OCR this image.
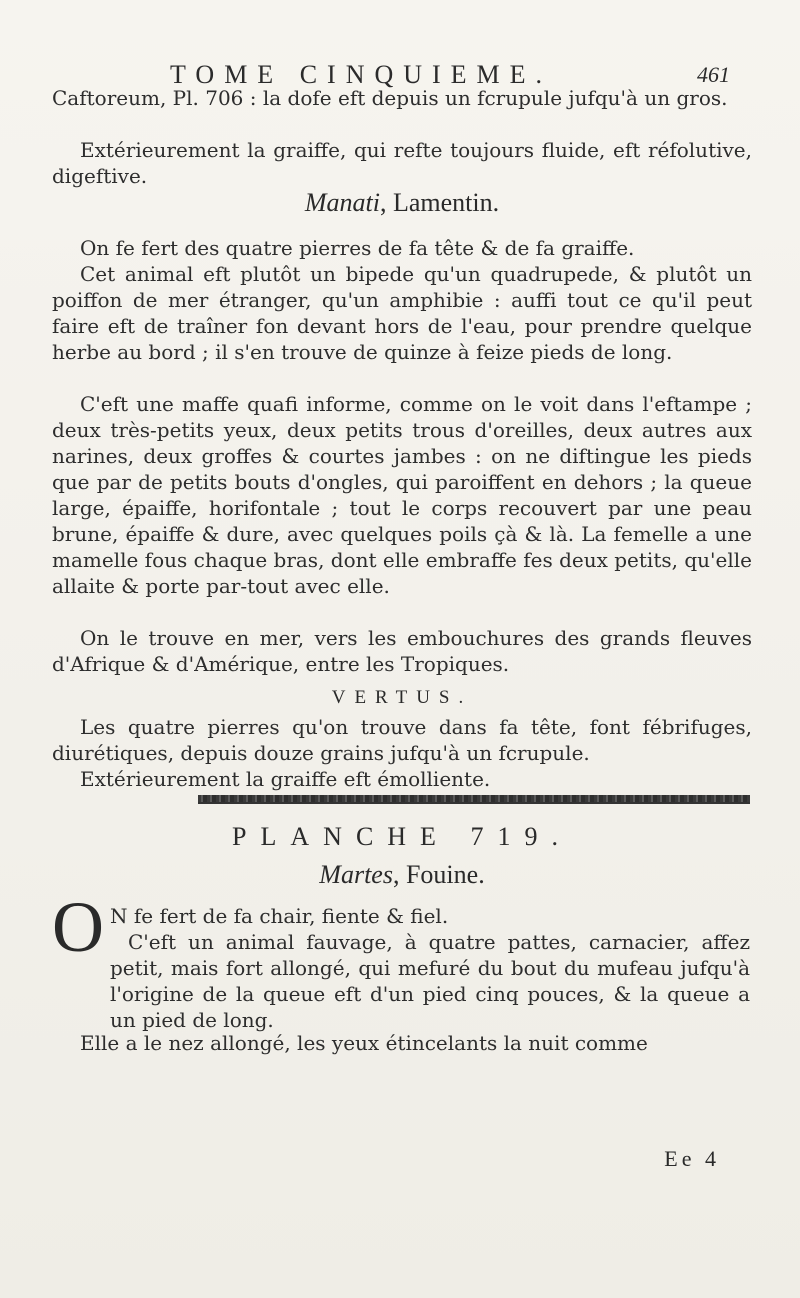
TOME CINQUIEME.	461

Caftoreum, Pl. 706 : la dofe eft depuis un fcrupule jufqu'à un gros.

Extérieurement la graiffe, qui refte toujours fluide, eft réfolutive, digeftive.

Manati, Lamentin.

On fe fert des quatre pierres de fa tête & de fa graiffe.

Cet animal eft plutôt un bipede qu'un quadrupede, & plutôt un poiffon de mer étranger, qu'un amphibie : auffi tout ce qu'il peut faire eft de traîner fon devant hors de l'eau, pour prendre quelque herbe au bord ; il s'en trouve de quinze à feize pieds de long.

C'eft une maffe quafi informe, comme on le voit dans l'eftampe ; deux très-petits yeux, deux petits trous d'oreilles, deux autres aux narines, deux groffes & courtes jambes : on ne diftingue les pieds que par de petits bouts d'ongles, qui paroiffent en dehors ; la queue large, épaiffe, horifontale ; tout le corps recouvert par une peau brune, épaiffe & dure, avec quelques poils çà & là. La femelle a une mamelle fous chaque bras, dont elle embraffe fes deux petits, qu'elle allaite & porte par-tout avec elle.

On le trouve en mer, vers les embouchures des grands fleuves d'Afrique & d'Amérique, entre les Tropiques.

VERTUS.

Les quatre pierres qu'on trouve dans fa tête, font fébrifuges, diurétiques, depuis douze grains jufqu'à un fcrupule.

Extérieurement la graiffe eft émolliente.

PLANCHE 719.

Martes, Fouine.

O N fe fert de fa chair, fiente & fiel.

C'eft un animal fauvage, à quatre pattes, carnacier, affez petit, mais fort allongé, qui mefuré du bout du mufeau jufqu'à l'origine de la queue eft d'un pied cinq pouces, & la queue a un pied de long.

Elle a le nez allongé, les yeux étincelants la nuit comme

Ee 4
